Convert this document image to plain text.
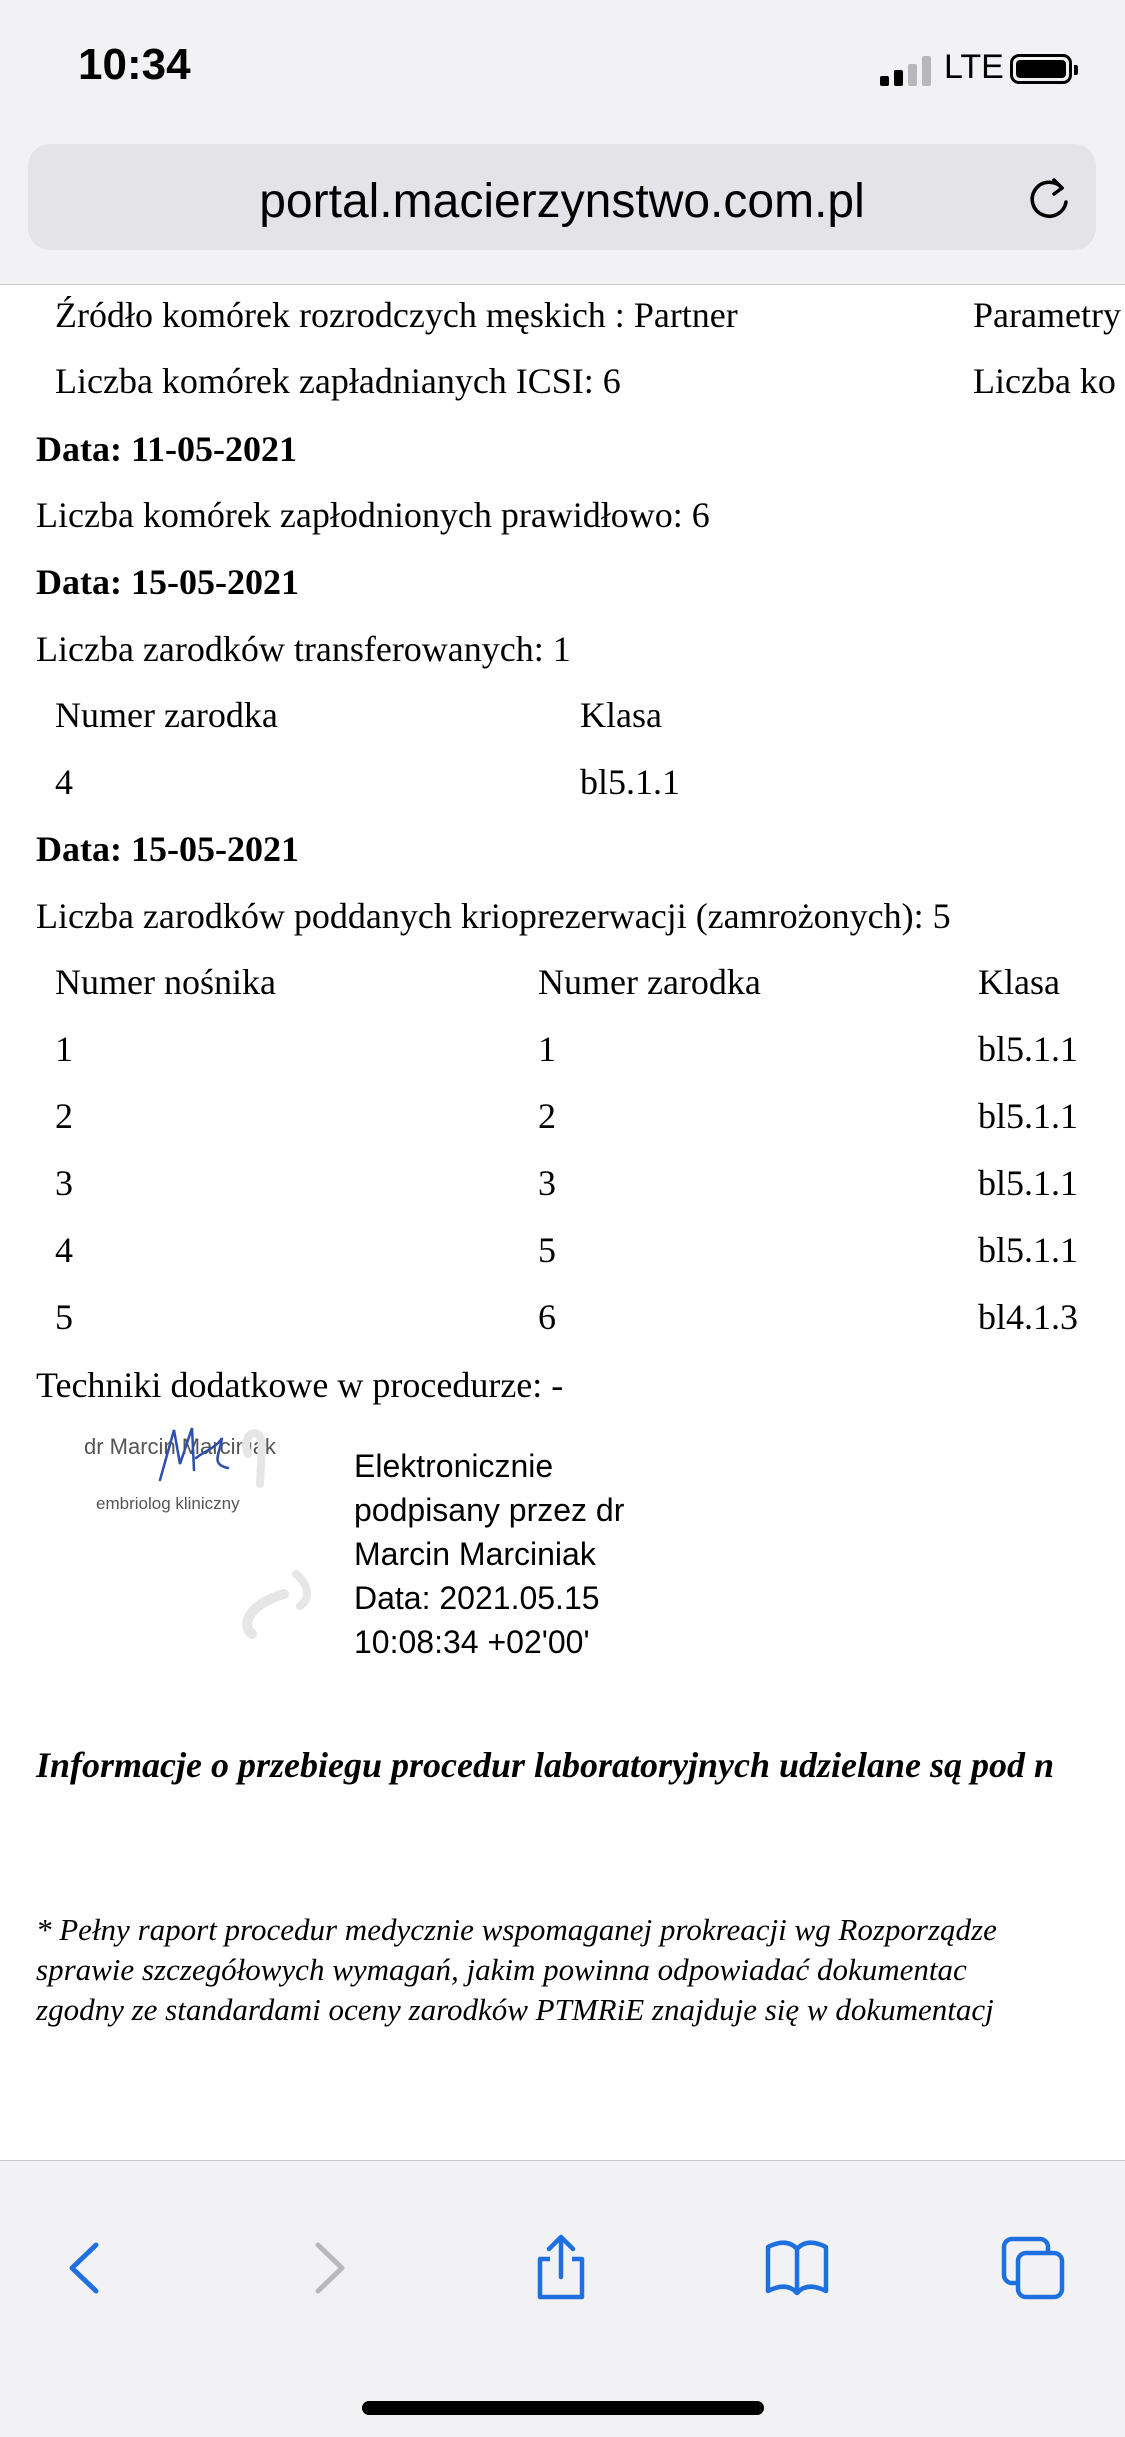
10:34	LTE
portal.macierzynstwo.com.pl
Źródło komórek rozrodczych męskich : Partner	Parametry
Liczba komórek zapładnianych ICSI: 6	Liczba ko
Data: 11-05-2021
Liczba komórek zapłodnionych prawidłowo: 6
Data: 15-05-2021
Liczba zarodków transferowanych: 1
Numer zarodka	Klasa
4	bl5.1.1
Data: 15-05-2021
Liczba zarodków poddanych krioprezerwacji (zamrożonych): 5
Numer nośnika	Numer zarodka	Klasa
1	1	bl5.1.1
2	2	bl5.1.1
3	3	bl5.1.1
4	5	bl5.1.1
5	6	bl4.1.3
Techniki dodatkowe w procedurze: -
dr Marcin Marciniak
embriolog kliniczny
Elektronicznie
podpisany przez dr
Marcin Marciniak
Data: 2021.05.15
10:08:34 +02'00'
Informacje o przebiegu procedur laboratoryjnych udzielane są pod n
* Pełny raport procedur medycznie wspomaganej prokreacji wg Rozporządze
sprawie szczegółowych wymagań, jakim powinna odpowiadać dokumentac
zgodny ze standardami oceny zarodków PTMRiE znajduje się w dokumentacj
